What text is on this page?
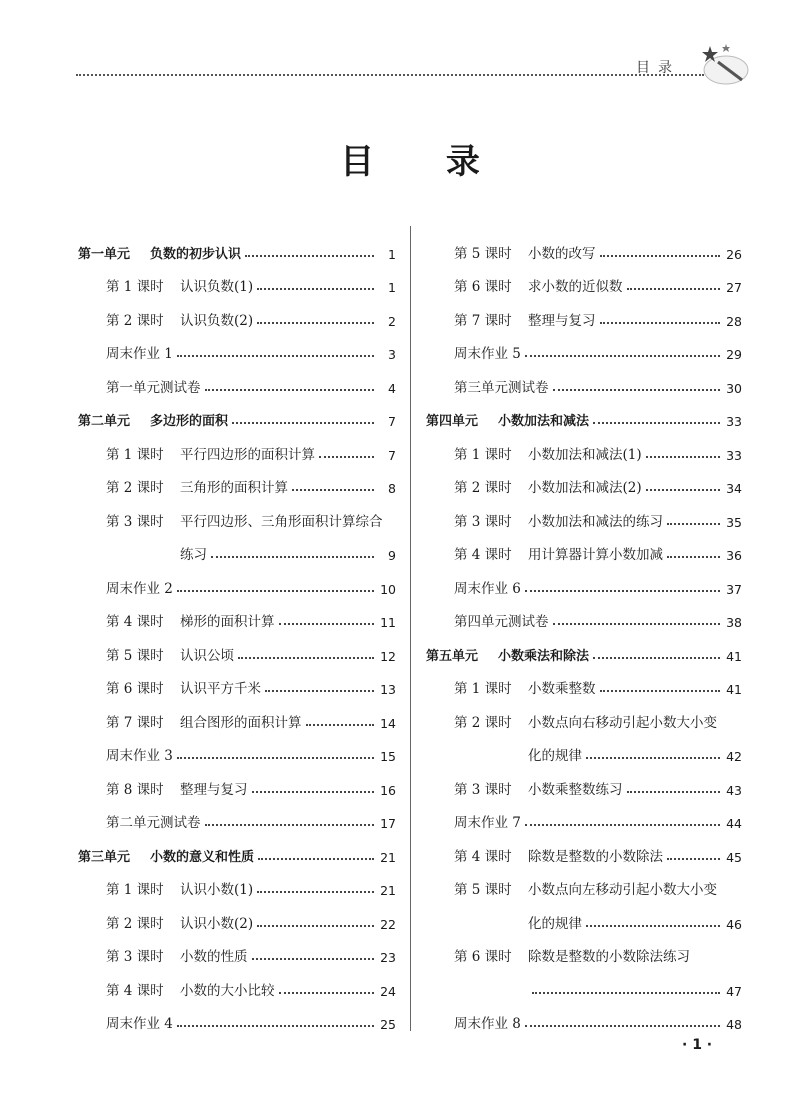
目录
目 录
第一单元	负数的初步认识	1
第 1 课时	认识负数(1)	1
第 2 课时	认识负数(2)	2
周末作业 1	3
第一单元测试卷	4
第二单元	多边形的面积	7
第 1 课时	平行四边形的面积计算	7
第 2 课时	三角形的面积计算	8
第 3 课时	平行四边形、三角形面积计算综合
练习	9
周末作业 2	10
第 4 课时	梯形的面积计算	11
第 5 课时	认识公顷	12
第 6 课时	认识平方千米	13
第 7 课时	组合图形的面积计算	14
周末作业 3	15
第 8 课时	整理与复习	16
第二单元测试卷	17
第三单元	小数的意义和性质	21
第 1 课时	认识小数(1)	21
第 2 课时	认识小数(2)	22
第 3 课时	小数的性质	23
第 4 课时	小数的大小比较	24
周末作业 4	25
第 5 课时	小数的改写	26
第 6 课时	求小数的近似数	27
第 7 课时	整理与复习	28
周末作业 5	29
第三单元测试卷	30
第四单元	小数加法和减法	33
第 1 课时	小数加法和减法(1)	33
第 2 课时	小数加法和减法(2)	34
第 3 课时	小数加法和减法的练习	35
第 4 课时	用计算器计算小数加减	36
周末作业 6	37
第四单元测试卷	38
第五单元	小数乘法和除法	41
第 1 课时	小数乘整数	41
第 2 课时	小数点向右移动引起小数大小变
化的规律	42
第 3 课时	小数乘整数练习	43
周末作业 7	44
第 4 课时	除数是整数的小数除法	45
第 5 课时	小数点向左移动引起小数大小变
化的规律	46
第 6 课时	除数是整数的小数除法练习
47
周末作业 8	48
· 1 ·
